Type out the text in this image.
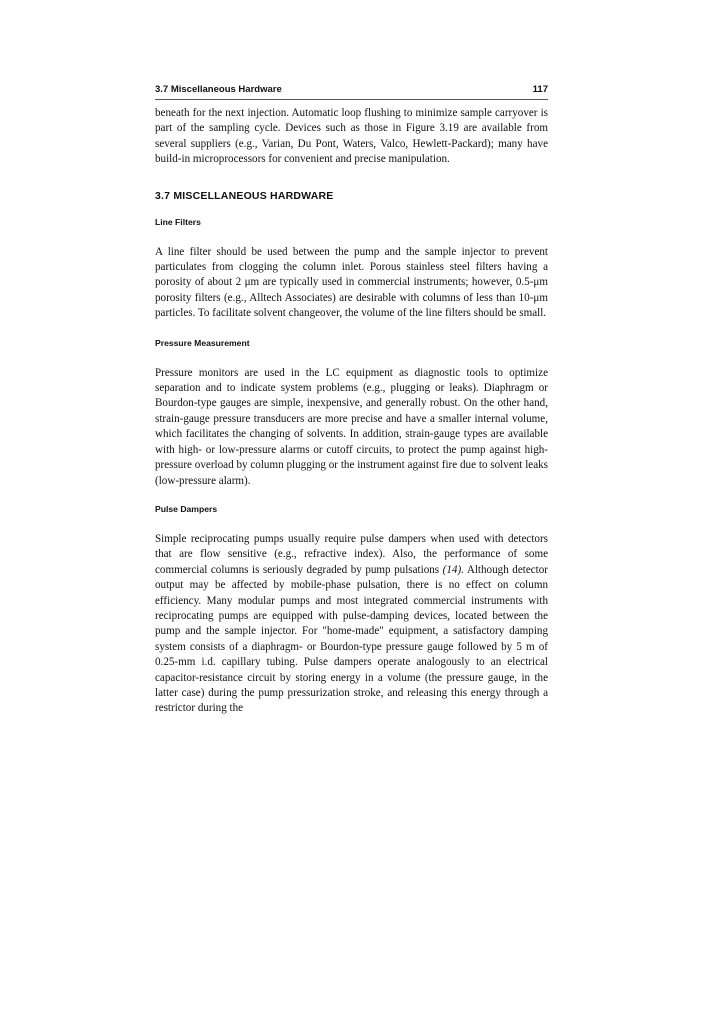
3.7 Miscellaneous Hardware	117

beneath for the next injection. Automatic loop flushing to minimize sample carryover is part of the sampling cycle. Devices such as those in Figure 3.19 are available from several suppliers (e.g., Varian, Du Pont, Waters, Valco, Hewlett-Packard); many have build-in microprocessors for convenient and precise manipulation.

3.7 MISCELLANEOUS HARDWARE
Line Filters

A line filter should be used between the pump and the sample injector to prevent particulates from clogging the column inlet. Porous stainless steel filters having a porosity of about 2 μm are typically used in commercial instruments; however, 0.5-μm porosity filters (e.g., Alltech Associates) are desirable with columns of less than 10-μm particles. To facilitate solvent changeover, the volume of the line filters should be small.

Pressure Measurement

Pressure monitors are used in the LC equipment as diagnostic tools to optimize separation and to indicate system problems (e.g., plugging or leaks). Diaphragm or Bourdon-type gauges are simple, inexpensive, and generally robust. On the other hand, strain-gauge pressure transducers are more precise and have a smaller internal volume, which facilitates the changing of solvents. In addition, strain-gauge types are available with high- or low-pressure alarms or cutoff circuits, to protect the pump against high-pressure overload by column plugging or the instrument against fire due to solvent leaks (low-pressure alarm).

Pulse Dampers

Simple reciprocating pumps usually require pulse dampers when used with detectors that are flow sensitive (e.g., refractive index). Also, the performance of some commercial columns is seriously degraded by pump pulsations (14). Although detector output may be affected by mobile-phase pulsation, there is no effect on column efficiency. Many modular pumps and most integrated commercial instruments with reciprocating pumps are equipped with pulse-damping devices, located between the pump and the sample injector. For "home-made" equipment, a satisfactory damping system consists of a diaphragm- or Bourdon-type pressure gauge followed by 5 m of 0.25-mm i.d. capillary tubing. Pulse dampers operate analogously to an electrical capacitor-resistance circuit by storing energy in a volume (the pressure gauge, in the latter case) during the pump pressurization stroke, and releasing this energy through a restrictor during the
